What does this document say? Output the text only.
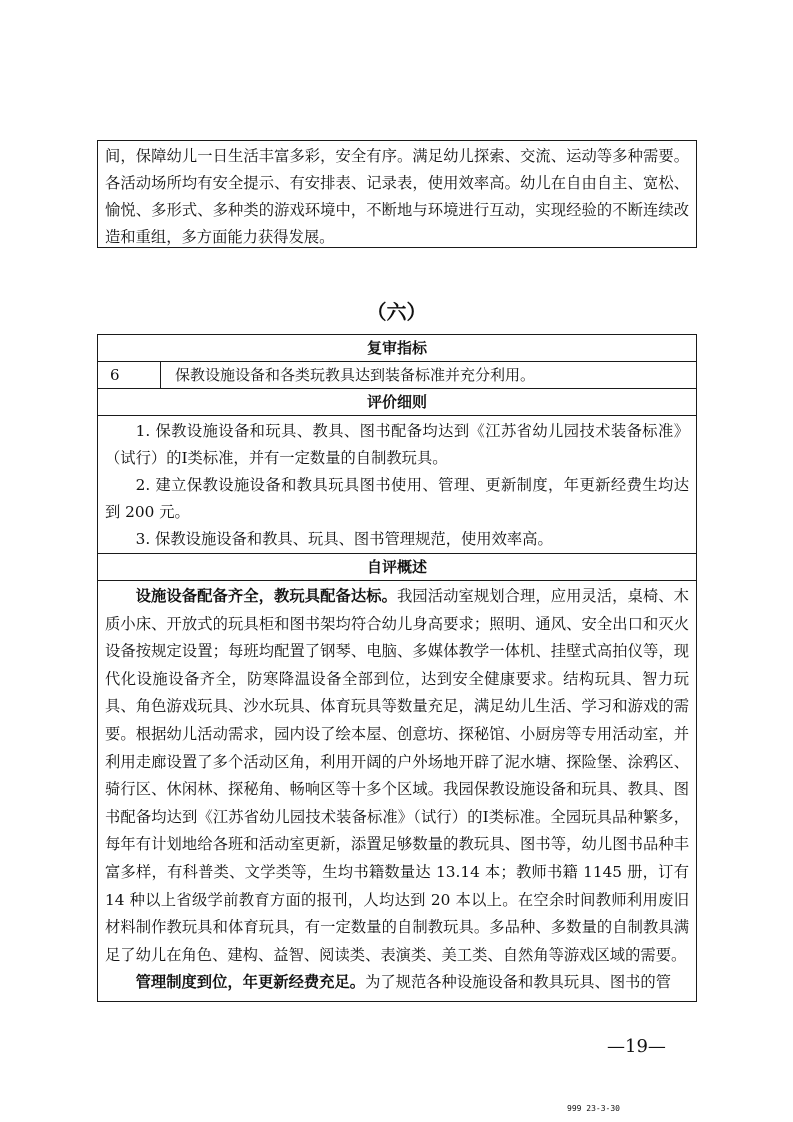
间，保障幼儿一日生活丰富多彩，安全有序。满足幼儿探索、交流、运动等多种需要。各活动场所均有安全提示、有安排表、记录表，使用效率高。幼儿在自由自主、宽松、愉悦、多形式、多种类的游戏环境中，不断地与环境进行互动，实现经验的不断连续改造和重组，多方面能力获得发展。

（六）
复审指标
6	保教设施设备和各类玩教具达到装备标准并充分利用。
评价细则

1. 保教设施设备和玩具、教具、图书配备均达到《江苏省幼儿园技术装备标准》（试行）的Ⅰ类标准，并有一定数量的自制教玩具。

2. 建立保教设施设备和教具玩具图书使用、管理、更新制度，年更新经费生均达到 200 元。

3. 保教设施设备和教具、玩具、图书管理规范，使用效率高。

自评概述

设施设备配备齐全，教玩具配备达标。我园活动室规划合理，应用灵活，桌椅、木质小床、开放式的玩具柜和图书架均符合幼儿身高要求；照明、通风、安全出口和灭火设备按规定设置；每班均配置了钢琴、电脑、多媒体教学一体机、挂壁式高拍仪等，现代化设施设备齐全，防寒降温设备全部到位，达到安全健康要求。结构玩具、智力玩具、角色游戏玩具、沙水玩具、体育玩具等数量充足，满足幼儿生活、学习和游戏的需要。根据幼儿活动需求，园内设了绘本屋、创意坊、探秘馆、小厨房等专用活动室，并利用走廊设置了多个活动区角，利用开阔的户外场地开辟了泥水塘、探险堡、涂鸦区、骑行区、休闲林、探秘角、畅响区等十多个区域。我园保教设施设备和玩具、教具、图书配备均达到《江苏省幼儿园技术装备标准》（试行）的Ⅰ类标准。全园玩具品种繁多，每年有计划地给各班和活动室更新，添置足够数量的教玩具、图书等，幼儿图书品种丰富多样，有科普类、文学类等，生均书籍数量达 13.14 本；教师书籍 1145 册，订有 14 种以上省级学前教育方面的报刊，人均达到 20 本以上。在空余时间教师利用废旧材料制作教玩具和体育玩具，有一定数量的自制教玩具。多品种、多数量的自制教具满足了幼儿在角色、建构、益智、阅读类、表演类、美工类、自然角等游戏区域的需要。

管理制度到位，年更新经费充足。为了规范各种设施设备和教具玩具、图书的管

—19—
999 23-3-30
